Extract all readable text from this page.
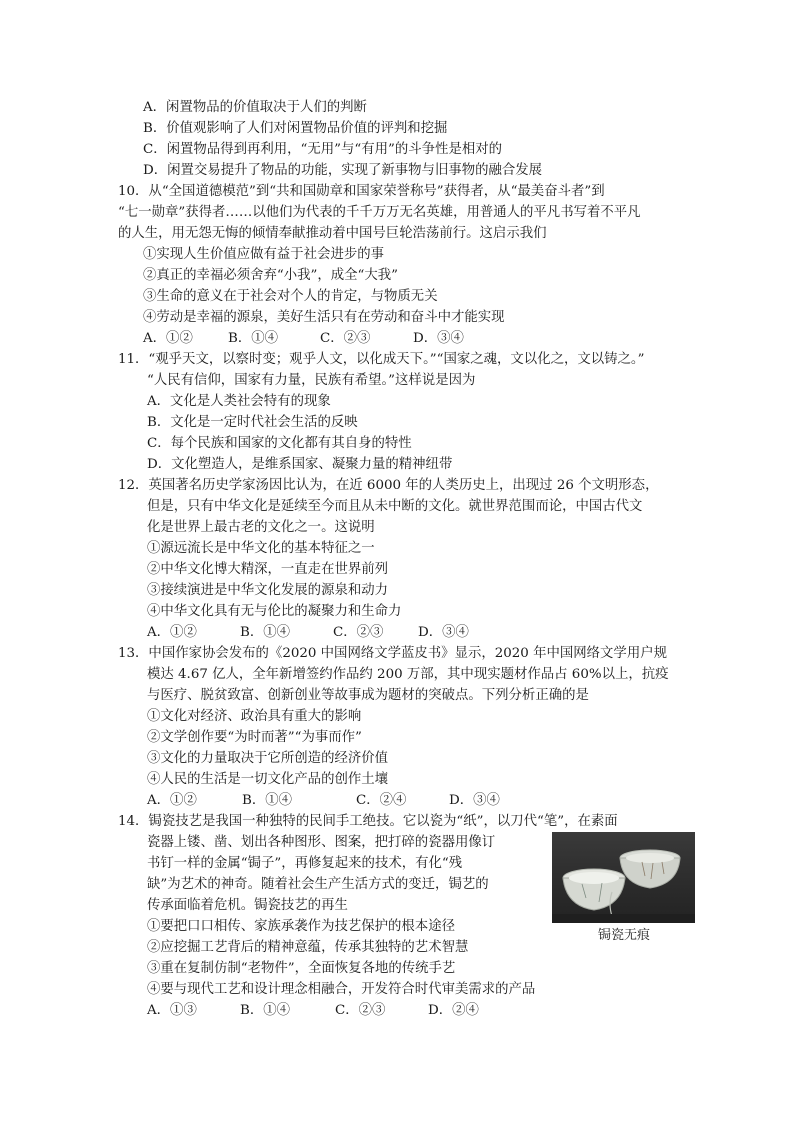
A．闲置物品的价值取决于人们的判断
B．价值观影响了人们对闲置物品价值的评判和挖掘
C．闲置物品得到再利用，“无用”与“有用”的斗争性是相对的
D．闲置交易提升了物品的功能，实现了新事物与旧事物的融合发展
10．从“全国道德模范”到“共和国勋章和国家荣誉称号”获得者，从“最美奋斗者”到
“七一勋章”获得者……以他们为代表的千千万万无名英雄，用普通人的平凡书写着不平凡
的人生，用无怨无悔的倾情奉献推动着中国号巨轮浩荡前行。这启示我们
①实现人生价值应做有益于社会进步的事
②真正的幸福必须舍弃“小我”，成全“大我”
③生命的意义在于社会对个人的肯定，与物质无关
④劳动是幸福的源泉，美好生活只有在劳动和奋斗中才能实现
A．①②	B．①④	C．②③	D．③④
11．“观乎天文，以察时变；观乎人文，以化成天下。”“国家之魂，文以化之，文以铸之。”
“人民有信仰，国家有力量，民族有希望。”这样说是因为
A．文化是人类社会特有的现象
B．文化是一定时代社会生活的反映
C．每个民族和国家的文化都有其自身的特性
D．文化塑造人，是维系国家、凝聚力量的精神纽带
12．英国著名历史学家汤因比认为，在近 6000 年的人类历史上，出现过 26 个文明形态，
但是，只有中华文化是延续至今而且从未中断的文化。就世界范围而论，中国古代文
化是世界上最古老的文化之一。这说明
①源远流长是中华文化的基本特征之一
②中华文化博大精深，一直走在世界前列
③接续演进是中华文化发展的源泉和动力
④中华文化具有无与伦比的凝聚力和生命力
A．①②	B．①④	C．②③	D．③④
13．中国作家协会发布的《2020 中国网络文学蓝皮书》显示，2020 年中国网络文学用户规
模达 4.67 亿人，全年新增签约作品约 200 万部，其中现实题材作品占 60%以上，抗疫
与医疗、脱贫致富、创新创业等故事成为题材的突破点。下列分析正确的是
①文化对经济、政治具有重大的影响
②文学创作要“为时而著”“为事而作”
③文化的力量取决于它所创造的经济价值
④人民的生活是一切文化产品的创作土壤
A．①②	B．①④	C．②④	D．③④
14．锔瓷技艺是我国一种独特的民间手工绝技。它以瓷为“纸”，以刀代“笔”，在素面
瓷器上镂、凿、划出各种图形、图案，把打碎的瓷器用像订
书钉一样的金属“锔子”，再修复起来的技术，有化“残
缺”为艺术的神奇。随着社会生产生活方式的变迁，锔艺的
传承面临着危机。锔瓷技艺的再生
①要把口口相传、家族承袭作为技艺保护的根本途径
②应挖掘工艺背后的精神意蕴，传承其独特的艺术智慧
③重在复制仿制“老物件”，全面恢复各地的传统手艺
④要与现代工艺和设计理念相融合，开发符合时代审美需求的产品
A．①③	B．①④	C．②③	D．②④
锔瓷无痕
